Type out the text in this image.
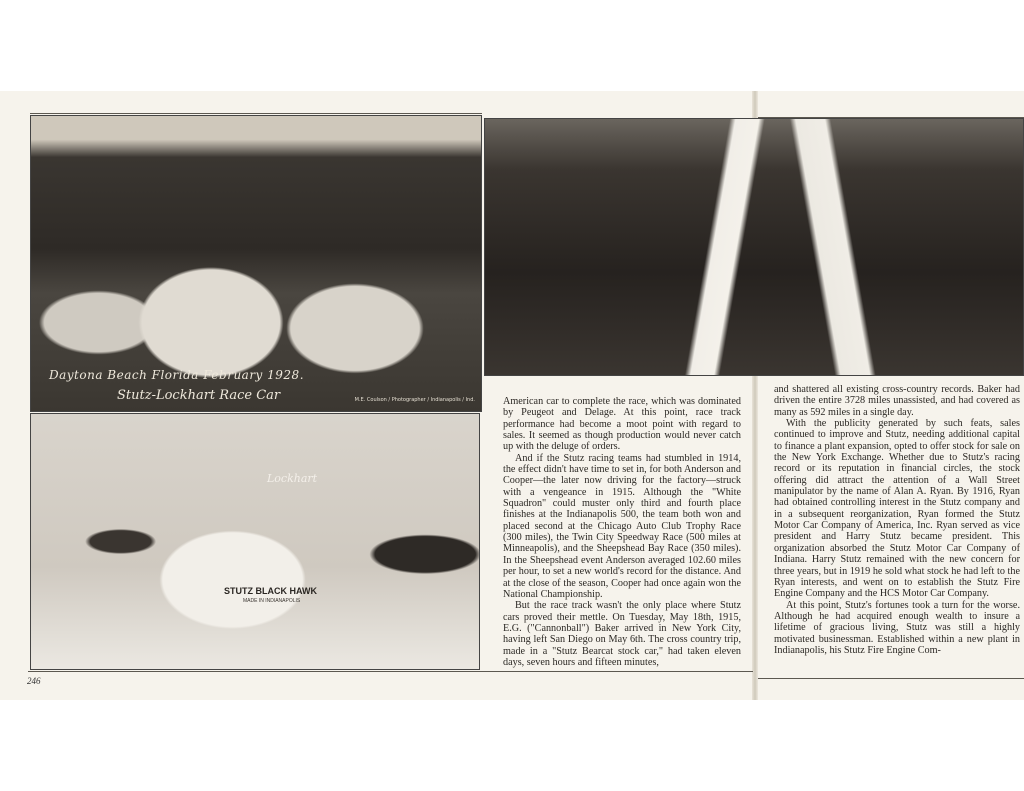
Daytona Beach Florida February 1928.
Stutz-Lockhart Race Car	M.E. Coulson / Photographer / Indianapolis / Ind.
Lockhart
STUTZ BLACK HAWK
MADE IN INDIANAPOLIS

American car to complete the race, which was dominated by Peugeot and Delage. At this point, race track performance had become a moot point with regard to sales. It seemed as though production would never catch up with the deluge of orders.

And if the Stutz racing teams had stumbled in 1914, the effect didn't have time to set in, for both Anderson and Cooper—the later now driving for the factory—struck with a vengeance in 1915. Although the "White Squadron" could muster only third and fourth place finishes at the Indianapolis 500, the team both won and placed second at the Chicago Auto Club Trophy Race (300 miles), the Twin City Speedway Race (500 miles at Minneapolis), and the Sheepshead Bay Race (350 miles). In the Sheepshead event Anderson averaged 102.60 miles per hour, to set a new world's record for the distance. And at the close of the season, Cooper had once again won the National Championship.

But the race track wasn't the only place where Stutz cars proved their mettle. On Tuesday, May 18th, 1915, E.G. ("Cannonball") Baker arrived in New York City, having left San Diego on May 6th. The cross country trip, made in a "Stutz Bearcat stock car," had taken eleven days, seven hours and fifteen minutes,

and shattered all existing cross-country records. Baker had driven the entire 3728 miles unassisted, and had covered as many as 592 miles in a single day.

With the publicity generated by such feats, sales continued to improve and Stutz, needing additional capital to finance a plant expansion, opted to offer stock for sale on the New York Exchange. Whether due to Stutz's racing record or its reputation in financial circles, the stock offering did attract the attention of a Wall Street manipulator by the name of Alan A. Ryan. By 1916, Ryan had obtained controlling interest in the Stutz company and in a subsequent reorganization, Ryan formed the Stutz Motor Car Company of America, Inc. Ryan served as vice president and Harry Stutz became president. This organization absorbed the Stutz Motor Car Company of Indiana. Harry Stutz remained with the new concern for three years, but in 1919 he sold what stock he had left to the Ryan interests, and went on to establish the Stutz Fire Engine Company and the HCS Motor Car Company.

At this point, Stutz's fortunes took a turn for the worse. Although he had acquired enough wealth to insure a lifetime of gracious living, Stutz was still a highly motivated businessman. Established within a new plant in Indianapolis, his Stutz Fire Engine Com-

246
